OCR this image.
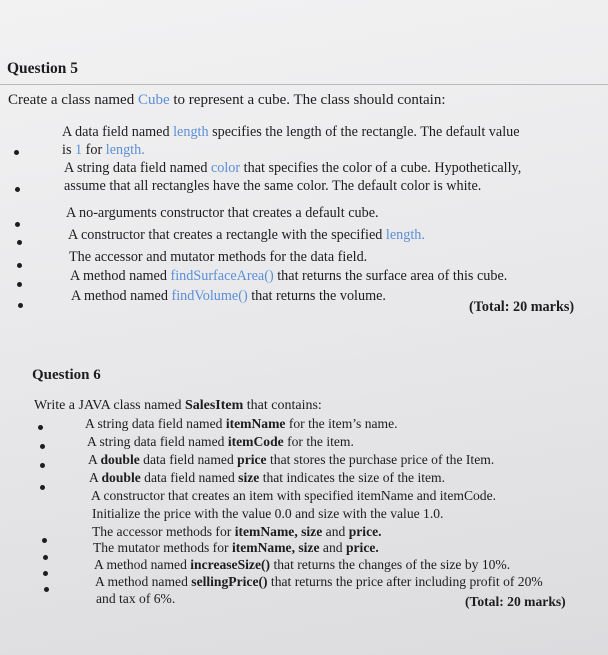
Question 5
Create a class named Cube to represent a cube. The class should contain:
A data field named length specifies the length of the rectangle. The default value
is 1 for length.
A string data field named color that specifies the color of a cube. Hypothetically,
assume that all rectangles have the same color. The default color is white.
A no-arguments constructor that creates a default cube.
A constructor that creates a rectangle with the specified length.
The accessor and mutator methods for the data field.
A method named findSurfaceArea() that returns the surface area of this cube.
A method named findVolume() that returns the volume.
(Total: 20 marks)
Question 6
Write a JAVA class named SalesItem that contains:
A string data field named itemName for the item’s name.
A string data field named itemCode for the item.
A double data field named price that stores the purchase price of the Item.
A double data field named size that indicates the size of the item.
A constructor that creates an item with specified itemName and itemCode.
Initialize the price with the value 0.0 and size with the value 1.0.
The accessor methods for itemName, size and price.
The mutator methods for itemName, size and price.
A method named increaseSize() that returns the changes of the size by 10%.
A method named sellingPrice() that returns the price after including profit of 20%
and tax of 6%.	(Total: 20 marks)
